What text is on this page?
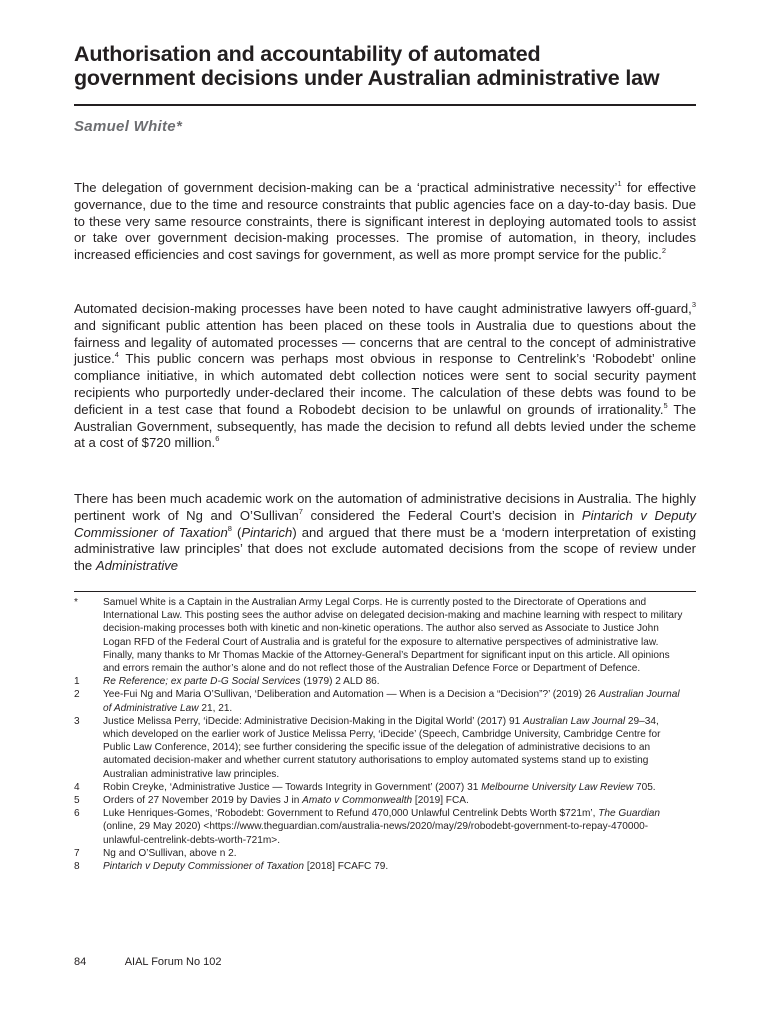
Authorisation and accountability of automated
government decisions under Australian administrative law
Samuel White*

The delegation of government decision-making can be a ‘practical administrative necessity’$^1$ for effective governance, due to the time and resource constraints that public agencies face on a day-to-day basis. Due to these very same resource constraints, there is significant interest in deploying automated tools to assist or take over government decision-making processes. The promise of automation, in theory, includes increased efficiencies and cost savings for government, as well as more prompt service for the public.$^2$

Automated decision-making processes have been noted to have caught administrative lawyers off-guard,$^3$ and significant public attention has been placed on these tools in Australia due to questions about the fairness and legality of automated processes — concerns that are central to the concept of administrative justice.$^4$ This public concern was perhaps most obvious in response to Centrelink’s ‘Robodebt’ online compliance initiative, in which automated debt collection notices were sent to social security payment recipients who purportedly under-declared their income. The calculation of these debts was found to be deficient in a test case that found a Robodebt decision to be unlawful on grounds of irrationality.$^5$ The Australian Government, subsequently, has made the decision to refund all debts levied under the scheme at a cost of $720 million.$^6$

There has been much academic work on the automation of administrative decisions in Australia. The highly pertinent work of Ng and O’Sullivan$^7$ considered the Federal Court’s decision in Pintarich v Deputy Commissioner of Taxation$^8$ (Pintarich) and argued that there must be a ‘modern interpretation of existing administrative law principles’ that does not exclude automated decisions from the scope of review under the Administrative

*	Samuel White is a Captain in the Australian Army Legal Corps. He is currently posted to the Directorate of Operations and International Law. This posting sees the author advise on delegated decision-making and machine learning with respect to military decision-making processes both with kinetic and non-kinetic operations. The author also served as Associate to Justice John Logan RFD of the Federal Court of Australia and is grateful for the exposure to alternative perspectives of administrative law. Finally, many thanks to Mr Thomas Mackie of the Attorney-General’s Department for significant input on this article. All opinions and errors remain the author’s alone and do not reflect those of the Australian Defence Force or Department of Defence.
1	Re Reference; ex parte D-G Social Services (1979) 2 ALD 86.
2	Yee-Fui Ng and Maria O’Sullivan, ‘Deliberation and Automation — When is a Decision a “Decision”?’ (2019) 26 Australian Journal of Administrative Law 21, 21.
3	Justice Melissa Perry, ‘iDecide: Administrative Decision-Making in the Digital World’ (2017) 91 Australian Law Journal 29–34, which developed on the earlier work of Justice Melissa Perry, ‘iDecide’ (Speech, Cambridge University, Cambridge Centre for Public Law Conference, 2014); see further considering the specific issue of the delegation of administrative decisions to an automated decision-maker and whether current statutory authorisations to employ automated systems stand up to existing Australian administrative law principles.
4	Robin Creyke, ‘Administrative Justice — Towards Integrity in Government’ (2007) 31 Melbourne University Law Review 705.
5	Orders of 27 November 2019 by Davies J in Amato v Commonwealth [2019] FCA.
6	Luke Henriques-Gomes, ‘Robodebt: Government to Refund 470,000 Unlawful Centrelink Debts Worth $721m’, The Guardian (online, 29 May 2020) <https://www.theguardian.com/australia-news/2020/may/29/robodebt-government-to-repay-470000-unlawful-centrelink-debts-worth-721m>.
7	Ng and O’Sullivan, above n 2.
8	Pintarich v Deputy Commissioner of Taxation [2018] FCAFC 79.
84	AIAL Forum No 102
